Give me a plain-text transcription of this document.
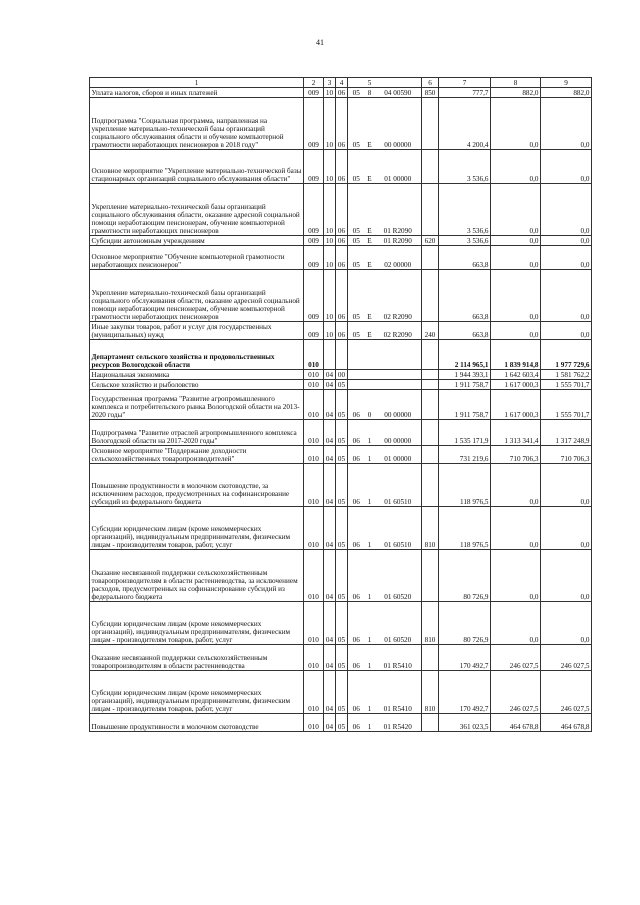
41
1	2	3	4		5		6	7	8	9
Уплата налогов, сборов и иных платежей	009	10	06	05	8	04 00590	850	777,7	882,0	882,0
Подпрограмма "Социальная программа, направленная на укрепление материально-технической базы организаций социального обслуживания области и обучение компьютерной грамотности неработающих пенсионеров в 2018 году"	009	10	06	05	Е	00 00000		4 200,4	0,0	0,0
Основное мероприятие "Укрепление материально-технической базы стационарных организаций социального обслуживания области"	009	10	06	05	Е	01 00000		3 536,6	0,0	0,0
Укрепление материально-технической базы организаций социального обслуживания области, оказание адресной социальной помощи неработающим пенсионерам, обучение компьютерной грамотности неработающих пенсионеров	009	10	06	05	Е	01 R2090		3 536,6	0,0	0,0
Субсидии автономным учреждениям	009	10	06	05	Е	01 R2090	620	3 536,6	0,0	0,0
Основное мероприятие "Обучение компьютерной грамотности неработающих пенсионеров"	009	10	06	05	Е	02 00000		663,8	0,0	0,0
Укрепление материально-технической базы организаций социального обслуживания области, оказание адресной социальной помощи неработающим пенсионерам, обучение компьютерной грамотности неработающих пенсионеров	009	10	06	05	Е	02 R2090		663,8	0,0	0,0
Иные закупки товаров, работ и услуг для государственных (муниципальных) нужд	009	10	06	05	Е	02 R2090	240	663,8	0,0	0,0
Департамент сельского хозяйства и продовольственных ресурсов Вологодской области	010							2 114 965,1	1 839 914,8	1 977 729,6
Национальная экономика	010	04	00					1 944 393,1	1 642 603,4	1 581 762,2
Сельское хозяйство и рыболовство	010	04	05					1 911 758,7	1 617 000,3	1 555 701,7
Государственная программа "Развитие агропромышленного комплекса и потребительского рынка Вологодской области на 2013-2020 годы"	010	04	05	06	0	00 00000		1 911 758,7	1 617 000,3	1 555 701,7
Подпрограмма "Развитие отраслей агропромышленного комплекса Вологодской области на 2017-2020 годы"	010	04	05	06	1	00 00000		1 535 171,9	1 313 341,4	1 317 248,9
Основное мероприятие "Поддержание доходности сельскохозяйственных товаропроизводителей"	010	04	05	06	1	01 00000		731 219,6	710 706,3	710 706,3
Повышение продуктивности в молочном скотоводстве, за исключением расходов, предусмотренных на софинансирование субсидий из федерального бюджета	010	04	05	06	1	01 60510		118 976,5	0,0	0,0
Субсидии юридическим лицам (кроме некоммерческих организаций), индивидуальным предпринимателям, физическим лицам - производителям товаров, работ, услуг	010	04	05	06	1	01 60510	810	118 976,5	0,0	0,0
Оказание несвязанной поддержки сельскохозяйственным товаропроизводителям в области растениеводства, за исключением расходов, предусмотренных на софинансирование субсидий из федерального бюджета	010	04	05	06	1	01 60520		80 726,9	0,0	0,0
Субсидии юридическим лицам (кроме некоммерческих организаций), индивидуальным предпринимателям, физическим лицам - производителям товаров, работ, услуг	010	04	05	06	1	01 60520	810	80 726,9	0,0	0,0
Оказание несвязанной поддержки сельскохозяйственным товаропроизводителям в области растениеводства	010	04	05	06	1	01 R5410		170 492,7	246 027,5	246 027,5
Субсидии юридическим лицам (кроме некоммерческих организаций), индивидуальным предпринимателям, физическим лицам - производителям товаров, работ, услуг	010	04	05	06	1	01 R5410	810	170 492,7	246 027,5	246 027,5
Повышение продуктивности в молочном скотоводстве	010	04	05	06	1	01 R5420		361 023,5	464 678,8	464 678,8
